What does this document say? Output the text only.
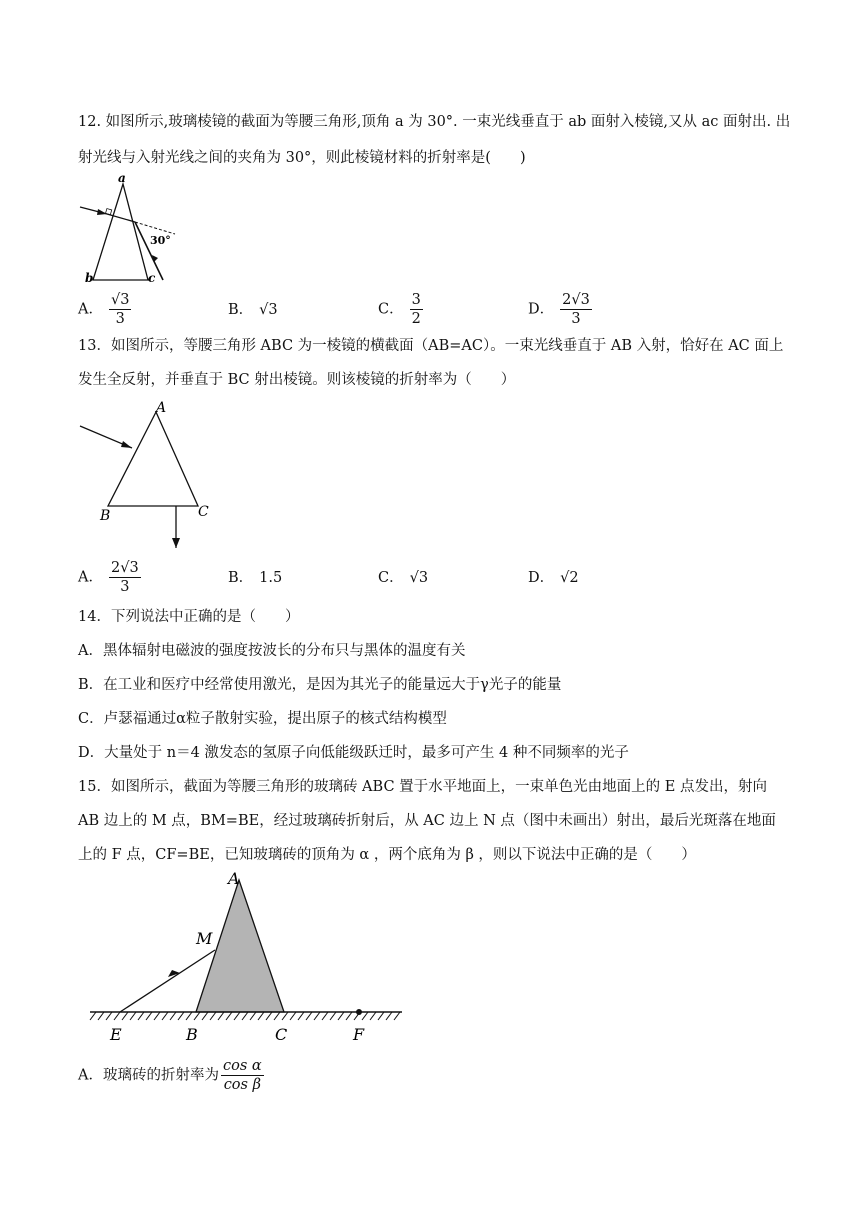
12. 如图所示,玻璃棱镜的截面为等腰三角形,顶角 a 为 30°. 一束光线垂直于 ab 面射入棱镜,又从 ac 面射出. 出
射光线与入射光线之间的夹角为 30°，则此棱镜材料的折射率是(　　)
a
b	c
30°
A． $\frac{√3}{3}$	B． √3	C． $\frac{3}{2}$	D． $\frac{2√3}{3}$
13．如图所示，等腰三角形 ABC 为一棱镜的横截面（AB=AC）。一束光线垂直于 AB 入射，恰好在 AC 面上
发生全反射，并垂直于 BC 射出棱镜。则该棱镜的折射率为（　　）
A
B	C
A． $\frac{2√3}{3}$	B． 1.5	C． √3	D． √2
14．下列说法中正确的是（　　）
A．黑体辐射电磁波的强度按波长的分布只与黑体的温度有关
B．在工业和医疗中经常使用激光，是因为其光子的能量远大于γ光子的能量
C．卢瑟福通过α粒子散射实验，提出原子的核式结构模型
D．大量处于 n＝4 激发态的氢原子向低能级跃迁时，最多可产生 4 种不同频率的光子
15．如图所示，截面为等腰三角形的玻璃砖 ABC 置于水平地面上，一束单色光由地面上的 E 点发出，射向
AB 边上的 M 点，BM=BE，经过玻璃砖折射后，从 AC 边上 N 点（图中未画出）射出，最后光斑落在地面
上的 F 点，CF=BE，已知玻璃砖的顶角为 α ，两个底角为 β ，则以下说法中正确的是（　　）
A
M
E	B	C	F
A．玻璃砖的折射率为 $\frac{\text{cos α}}{\text{cos β}}$
